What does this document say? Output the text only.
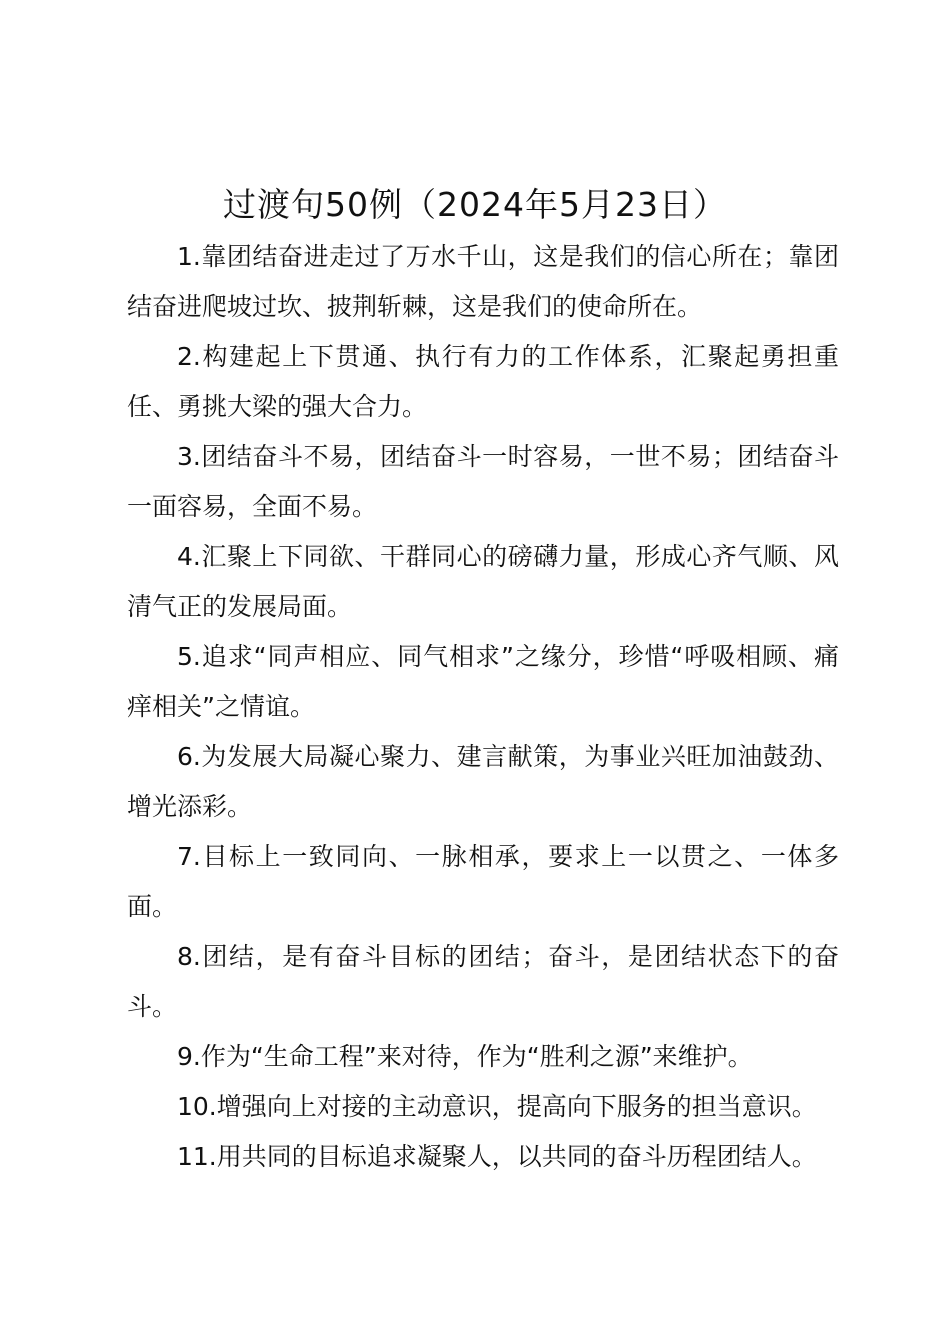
过渡句50例（2024年5月23日）

1.靠团结奋进走过了万水千山，这是我们的信心所在；靠团结奋进爬坡过坎、披荆斩棘，这是我们的使命所在。

2.构建起上下贯通、执行有力的工作体系，汇聚起勇担重任、勇挑大梁的强大合力。

3.团结奋斗不易，团结奋斗一时容易，一世不易；团结奋斗一面容易，全面不易。

4.汇聚上下同欲、干群同心的磅礴力量，形成心齐气顺、风清气正的发展局面。

5.追求“同声相应、同气相求”之缘分，珍惜“呼吸相顾、痛痒相关”之情谊。

6.为发展大局凝心聚力、建言献策，为事业兴旺加油鼓劲、增光添彩。

7.目标上一致同向、一脉相承，要求上一以贯之、一体多面。

8.团结，是有奋斗目标的团结；奋斗，是团结状态下的奋斗。

9.作为“生命工程”来对待，作为“胜利之源”来维护。

10.增强向上对接的主动意识，提高向下服务的担当意识。

11.用共同的目标追求凝聚人，以共同的奋斗历程团结人。
